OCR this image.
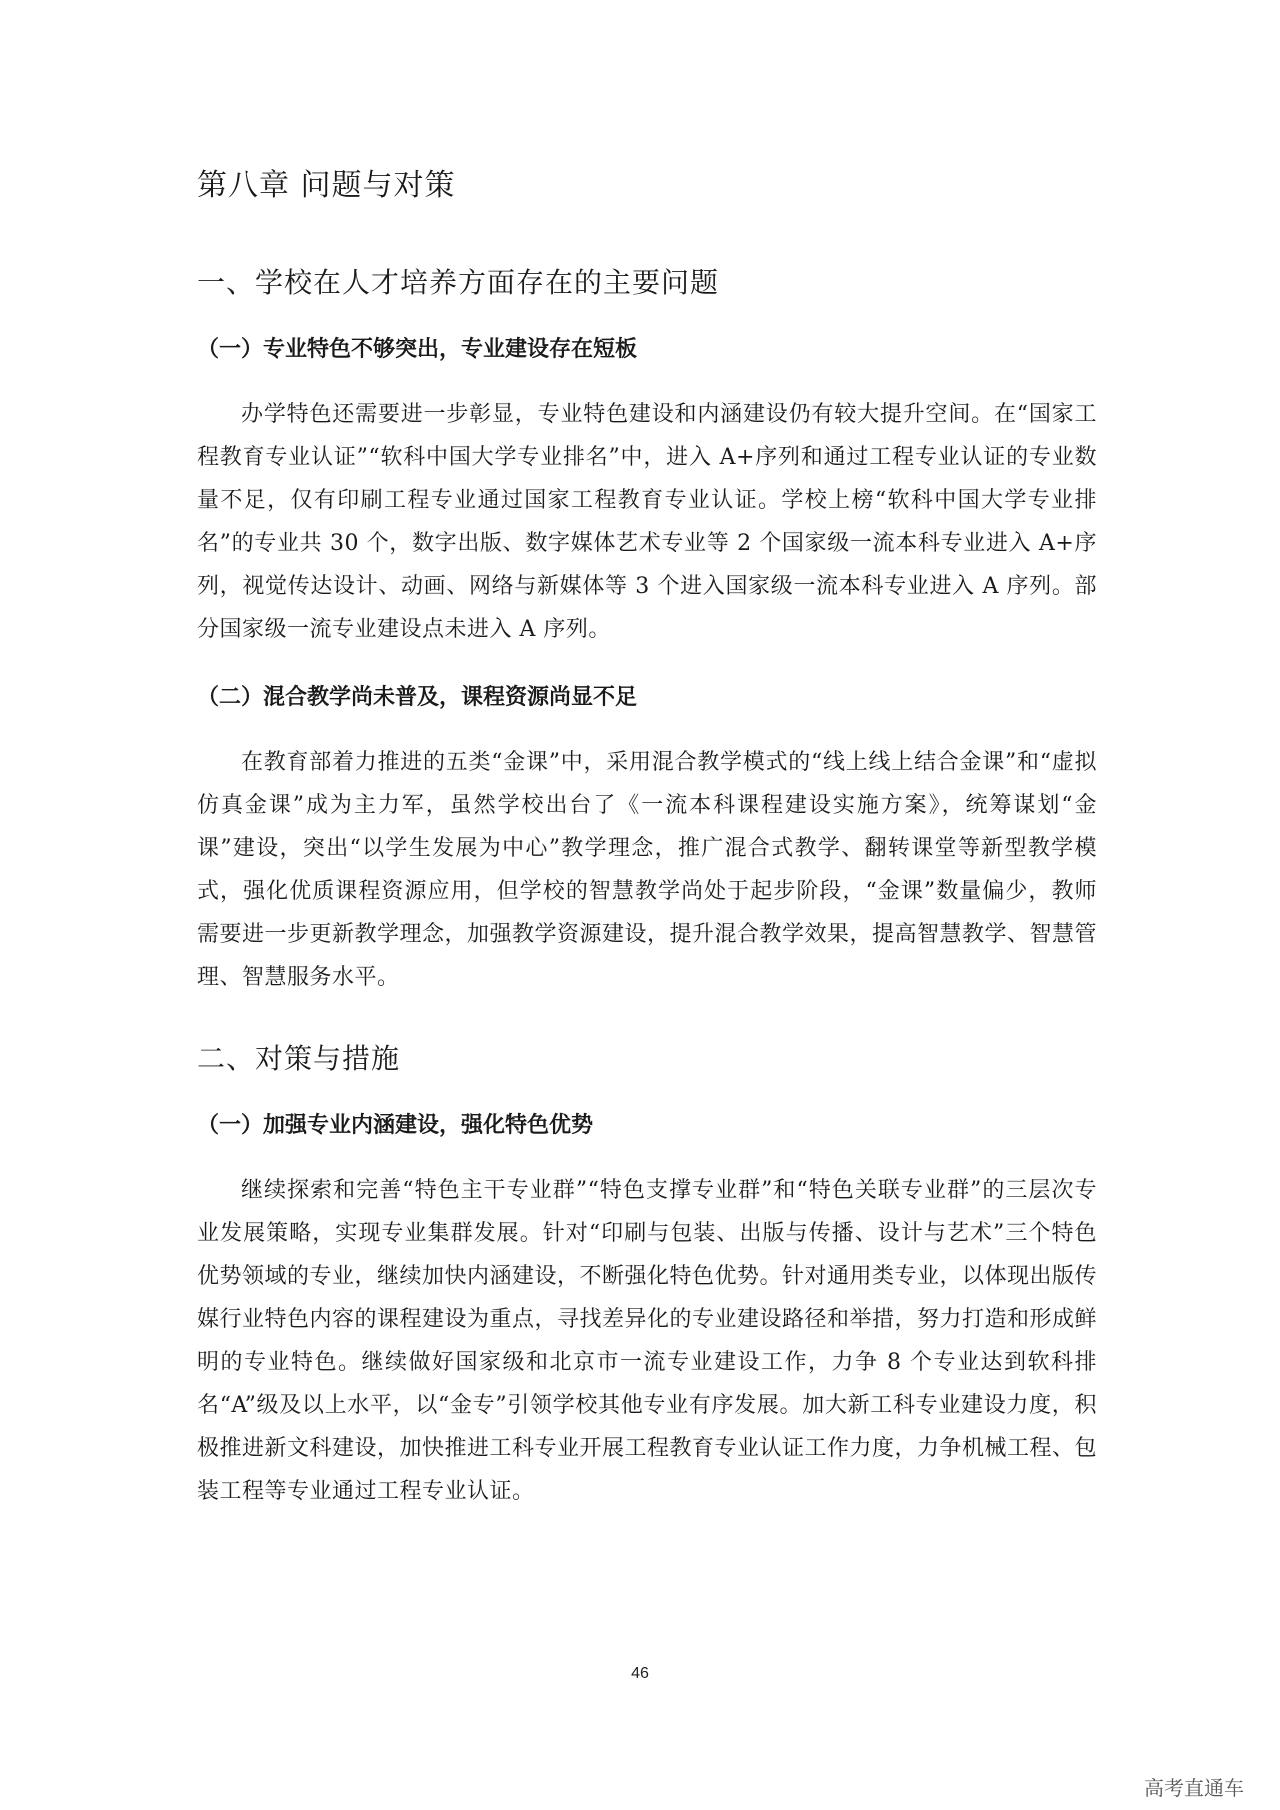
第八章 问题与对策
一、学校在人才培养方面存在的主要问题
（一）专业特色不够突出，专业建设存在短板

办学特色还需要进一步彰显，专业特色建设和内涵建设仍有较大提升空间。在“国家工程教育专业认证”“软科中国大学专业排名”中，进入 A+序列和通过工程专业认证的专业数量不足，仅有印刷工程专业通过国家工程教育专业认证。学校上榜“软科中国大学专业排名”的专业共 30 个，数字出版、数字媒体艺术专业等 2 个国家级一流本科专业进入 A+序列，视觉传达设计、动画、网络与新媒体等 3 个进入国家级一流本科专业进入 A 序列。部分国家级一流专业建设点未进入 A 序列。

（二）混合教学尚未普及，课程资源尚显不足

在教育部着力推进的五类“金课”中，采用混合教学模式的“线上线上结合金课”和“虚拟仿真金课”成为主力军，虽然学校出台了《一流本科课程建设实施方案》，统筹谋划“金课”建设，突出“以学生发展为中心”教学理念，推广混合式教学、翻转课堂等新型教学模式，强化优质课程资源应用，但学校的智慧教学尚处于起步阶段，“金课”数量偏少，教师需要进一步更新教学理念，加强教学资源建设，提升混合教学效果，提高智慧教学、智慧管理、智慧服务水平。

二、对策与措施
（一）加强专业内涵建设，强化特色优势

继续探索和完善“特色主干专业群”“特色支撑专业群”和“特色关联专业群”的三层次专业发展策略，实现专业集群发展。针对“印刷与包装、出版与传播、设计与艺术”三个特色优势领域的专业，继续加快内涵建设，不断强化特色优势。针对通用类专业，以体现出版传媒行业特色内容的课程建设为重点，寻找差异化的专业建设路径和举措，努力打造和形成鲜明的专业特色。继续做好国家级和北京市一流专业建设工作，力争 8 个专业达到软科排名“A”级及以上水平，以“金专”引领学校其他专业有序发展。加大新工科专业建设力度，积极推进新文科建设，加快推进工科专业开展工程教育专业认证工作力度，力争机械工程、包装工程等专业通过工程专业认证。

46
高考直通车
